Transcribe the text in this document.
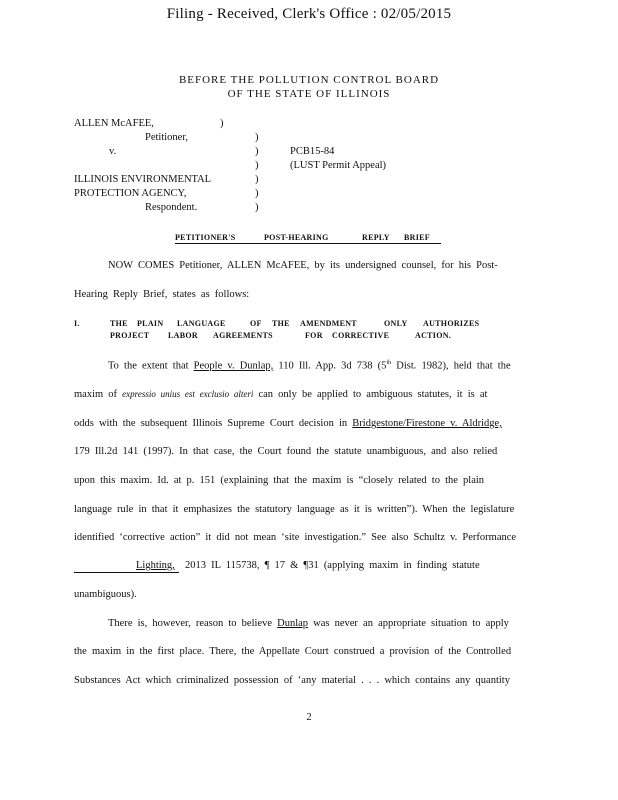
Filing - Received, Clerk's Office : 02/05/2015
BEFORE THE POLLUTION CONTROL BOARD
OF THE STATE OF ILLINOIS
ALLEN McAFEE,	)
Petitioner,	)
v.	)	PCB15-84
)	(LUST Permit Appeal)
ILLINOIS ENVIRONMENTAL	)
PROTECTION AGENCY,	)
Respondent.	)
PETITIONER'S	POST-HEARING	REPLY BRIEF
NOW COMES Petitioner, ALLEN McAFEE, by its undersigned counsel, for his Post-
Hearing Reply Brief, states as follows:
I.	THE PLAIN LANGUAGE	OF THE AMENDMENT	ONLY AUTHORIZES
PROJECT LABOR AGREEMENTS	FOR CORRECTIVE	ACTION.
To the extent that People v. Dunlap, 110 Ill. App. 3d 738 (5th Dist. 1982), held that the
maxim of expressio unius est exclusio alteri can only be applied to ambiguous statutes, it is at
odds with the subsequent Illinois Supreme Court decision in Bridgestone/Firestone v. Aldridge,
179 Ill.2d 141 (1997). In that case, the Court found the statute unambiguous, and also relied
upon this maxim. Id. at p. 151 (explaining that the maxim is “closely related to the plain
language rule in that it emphasizes the statutory language as it is written”). When the legislature
identified ‘corrective action” it did not mean ‘site investigation.” See also Schultz v. Performance
Lighting, 2013 IL 115738, ¶ 17 & ¶31 (applying maxim in finding statute
unambiguous).
There is, however, reason to believe Dunlap was never an appropriate situation to apply
the maxim in the first place. There, the Appellate Court construed a provision of the Controlled
Substances Act which criminalized possession of ‘any material . . . which contains any quantity
2
